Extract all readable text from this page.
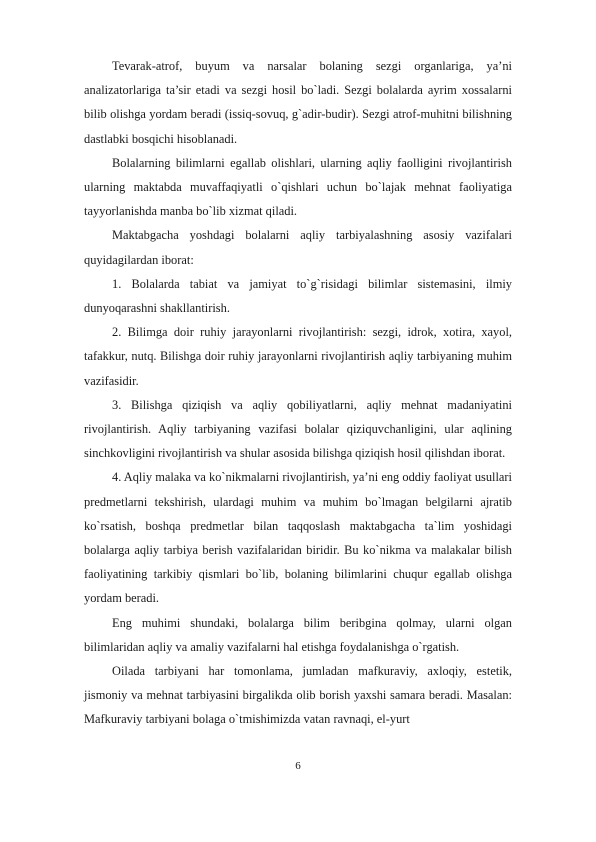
​	​

Tevarak-atrof, buyum va narsalar bolaning sezgi organlariga, ya’ni analizatorlariga ta’sir etadi va sezgi hosil bo`ladi. Sezgi bolalarda ayrim xossalarni bilib olishga yordam beradi (issiq-sovuq, g`adir-budir). Sezgi atrof-muhitni bilishning dastlabki bosqichi hisoblanadi.

Bolalarning bilimlarni egallab olishlari, ularning aqliy faolligini rivojlantirish ularning maktabda muvaffaqiyatli o`qishlari uchun bo`lajak mehnat faoliyatiga tayyorlanishda manba bo`lib xizmat qiladi.

Maktabgacha yoshdagi bolalarni aqliy tarbiyalashning asosiy vazifalari quyidagilardan iborat:

1. Bolalarda tabiat va jamiyat to`g`risidagi bilimlar sistemasini, ilmiy dunyoqarashni shakllantirish.

2. Bilimga doir ruhiy jarayonlarni rivojlantirish: sezgi, idrok, xotira, xayol, tafakkur, nutq. Bilishga doir ruhiy jarayonlarni rivojlantirish aqliy tarbiyaning muhim vazifasidir.

3. Bilishga qiziqish va aqliy qobiliyatlarni, aqliy mehnat madaniyatini rivojlantirish. Aqliy tarbiyaning vazifasi bolalar qiziquvchanligini, ular aqlining sinchkovligini rivojlantirish va shular asosida bilishga qiziqish hosil qilishdan iborat.

4. Aqliy malaka va ko`nikmalarni rivojlantirish, ya’ni eng oddiy faoliyat usullari predmetlarni tekshirish, ulardagi muhim va muhim bo`lmagan belgilarni ajratib ko`rsatish, boshqa predmetlar bilan taqqoslash maktabgacha ta`lim yoshidagi bolalarga aqliy tarbiya berish vazifalaridan biridir. Bu ko`nikma va malakalar bilish faoliyatining tarkibiy qismlari bo`lib, bolaning bilimlarini chuqur egallab olishga yordam beradi.

Eng muhimi shundaki, bolalarga bilim beribgina qolmay, ularni olgan bilimlaridan aqliy va amaliy vazifalarni hal etishga foydalanishga o`rgatish.

Oilada tarbiyani har tomonlama, jumladan mafkuraviy, axloqiy, estetik, jismoniy va mehnat tarbiyasini birgalikda olib borish yaxshi samara beradi. Masalan: Mafkuraviy tarbiyani bolaga o`tmishimizda vatan ravnaqi, el-yurt

6
